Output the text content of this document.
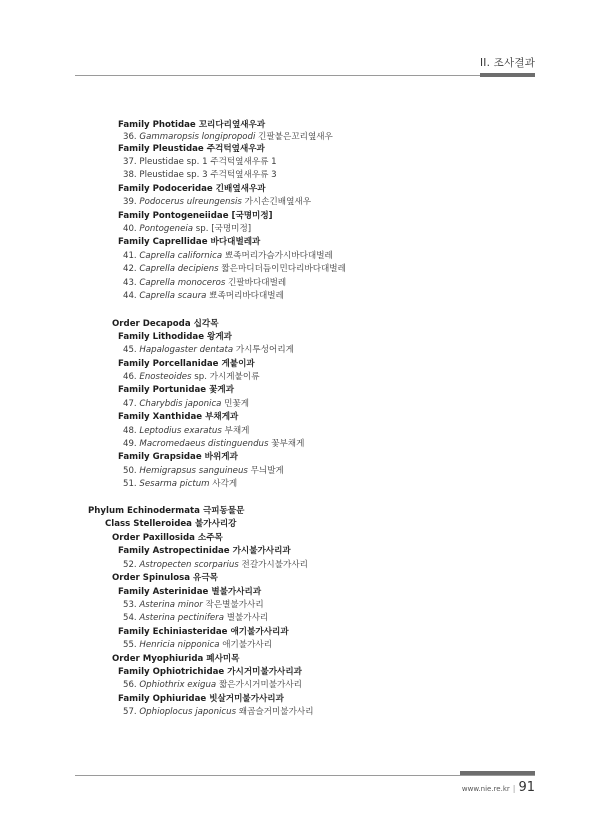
II. 조사결과
Family Photidae 꼬리다리옆새우과
36. Gammaropsis longipropodi 긴팔붙은꼬리옆새우
Family Pleustidae 주걱턱옆새우과
37. Pleustidae sp. 1 주걱턱옆새우류 1
38. Pleustidae sp. 3 주걱턱옆새우류 3
Family Podoceridae 긴배옆새우과
39. Podocerus ulreungensis 가시손긴배옆새우
Family Pontogeneiidae [국명미정]
40. Pontogeneia sp. [국명미정]
Family Caprellidae 바다대벌레과
41. Caprella californica 뾰족머리가슴가시바다대벌레
42. Caprella decipiens 짧은마디더듬이민다리바다대벌레
43. Caprella monoceros 긴팔바다대벌레
44. Caprella scaura 뾰족머리바다대벌레
Order Decapoda 십각목
Family Lithodidae 왕게과
45. Hapalogaster dentata 가시투성어리게
Family Porcellanidae 게붙이과
46. Enosteoides sp. 가시게붙이류
Family Portunidae 꽃게과
47. Charybdis japonica 민꽃게
Family Xanthidae 부채게과
48. Leptodius exaratus 부채게
49. Macromedaeus distinguendus 꽃부채게
Family Grapsidae 바위게과
50. Hemigrapsus sanguineus 무늬발게
51. Sesarma pictum 사각게
Phylum Echinodermata 극피동물문
Class Stelleroidea 불가사리강
Order Paxillosida 소주목
Family Astropectinidae 가시불가사리과
52. Astropecten scorparius 전갈가시불가사리
Order Spinulosa 유극목
Family Asterinidae 별불가사리과
53. Asterina minor 작은별불가사리
54. Asterina pectinifera 별불가사리
Family Echiniasteridae 애기불가사리과
55. Henricia nipponica 애기불가사리
Order Myophiurida 폐사미목
Family Ophiotrichidae 가시거미불가사리과
56. Ophiothrix exigua 짧은가시거미불가사리
Family Ophiuridae 빗살거미불가사리과
57. Ophioplocus japonicus 왜곱슬거미불가사리
www.nie.re.kr | 91
